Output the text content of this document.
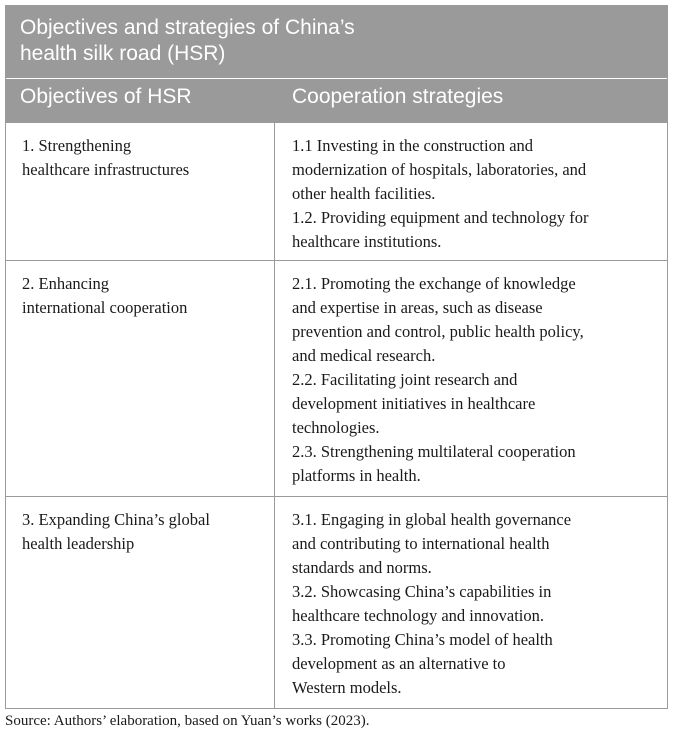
Objectives and strategies of China’s
health silk road (HSR)
Objectives of HSR	Cooperation strategies
1. Strengthening
healthcare infrastructures
1.1 Investing in the construction and
modernization of hospitals, laboratories, and
other health facilities.
1.2. Providing equipment and technology for
healthcare institutions.
2. Enhancing
international cooperation
2.1. Promoting the exchange of knowledge
and expertise in areas, such as disease
prevention and control, public health policy,
and medical research.
2.2. Facilitating joint research and
development initiatives in healthcare
technologies.
2.3. Strengthening multilateral cooperation
platforms in health.
3. Expanding China’s global
health leadership
3.1. Engaging in global health governance
and contributing to international health
standards and norms.
3.2. Showcasing China’s capabilities in
healthcare technology and innovation.
3.3. Promoting China’s model of health
development as an alternative to
Western models.
Source: Authors’ elaboration, based on Yuan’s works (2023).
